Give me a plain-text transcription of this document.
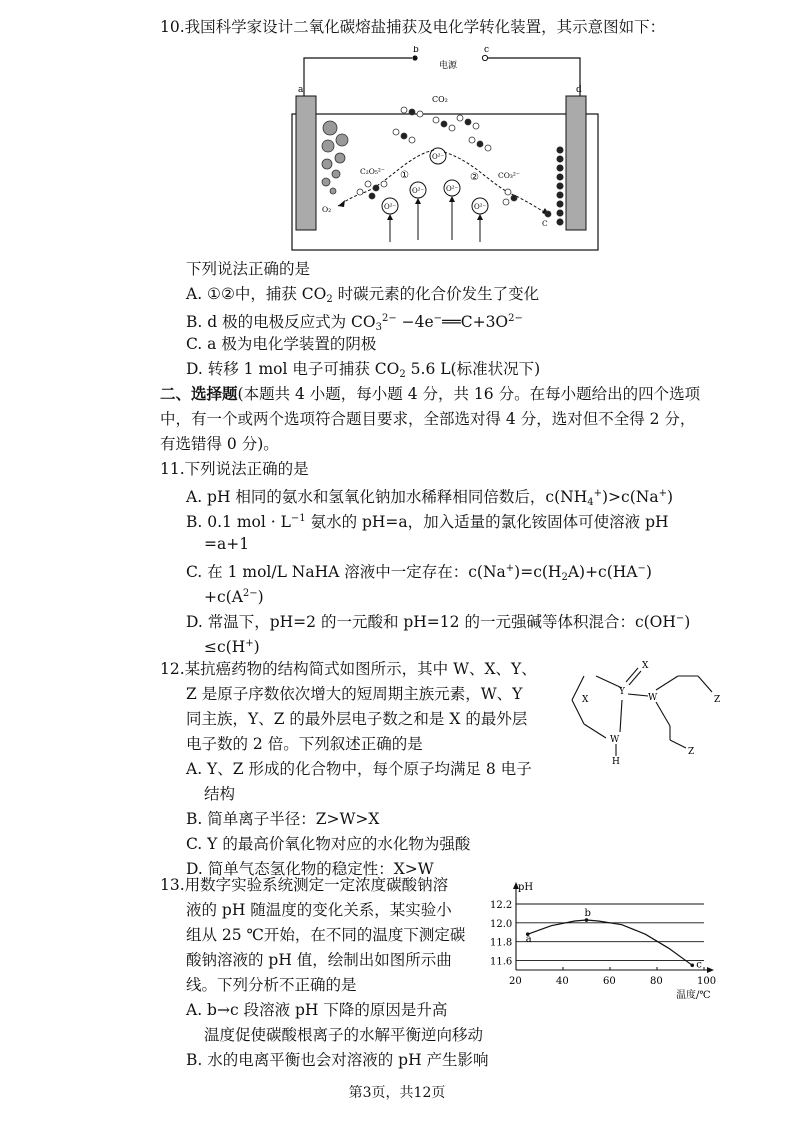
10.我国科学家设计二氧化碳熔盐捕获及电化学转化装置，其示意图如下：
b	c
电源
a	d
CO₂
O²⁻
C₂O₅²⁻	CO₃²⁻
O₂
①	②
C
O²⁻
O²⁻	O²⁻
O²⁻
下列说法正确的是
A. ①②中，捕获 $CO_2$ 时碳元素的化合价发生了变化
B. d 极的电极反应式为 $CO_3^{2-}$ $-4e^-══C+3O^{2-}$
C. a 极为电化学装置的阴极
D. 转移 1 mol 电子可捕获 $CO_2$ 5.6 L(标准状况下)
二、选择题(本题共 4 小题，每小题 4 分，共 16 分。在每小题给出的四个选项
中，有一个或两个选项符合题目要求，全部选对得 4 分，选对但不全得 2 分，
有选错得 0 分)。
11.下列说法正确的是
A. pH 相同的氨水和氢氧化钠加水稀释相同倍数后，$c(NH_4^+)>c(Na^+)$
B. 0.1 mol · $L^{-1}$ 氨水的 pH=a，加入适量的氯化铵固体可使溶液 pH
=a+1
C. 在 1 mol/L NaHA 溶液中一定存在：$c(Na^+)=c(H_2A)+c(HA^-)$
$+c(A^{2-})$
D. 常温下，pH=2 的一元酸和 pH=12 的一元强碱等体积混合：c(OH−)
≤c(H+)
12.某抗癌药物的结构简式如图所示，其中 W、X、Y、
Z 是原子序数依次增大的短周期主族元素，W、Y
同主族，Y、Z 的最外层电子数之和是 X 的最外层
电子数的 2 倍。下列叙述正确的是
A. Y、Z 形成的化合物中，每个原子均满足 8 电子
结构
B. 简单离子半径：Z>W>X
C. Y 的最高价氧化物对应的水化物为强酸
D. 简单气态氢化物的稳定性：X>W
X
Y
X
W
W
H
Z
Z
13.用数字实验系统测定一定浓度碳酸钠溶
液的 pH 随温度的变化关系，某实验小
组从 25 ℃开始，在不同的温度下测定碳
酸钠溶液的 pH 值，绘制出如图所示曲
线。下列分析不正确的是
A. b→c 段溶液 pH 下降的原因是升高
温度促使碳酸根离子的水解平衡逆向移动
B. 水的电离平衡也会对溶液的 pH 产生影响
12.2
12.0
11.8
11.6
20	40	60	80	100
pH
温度/℃
a
b
c
第3页，共12页
